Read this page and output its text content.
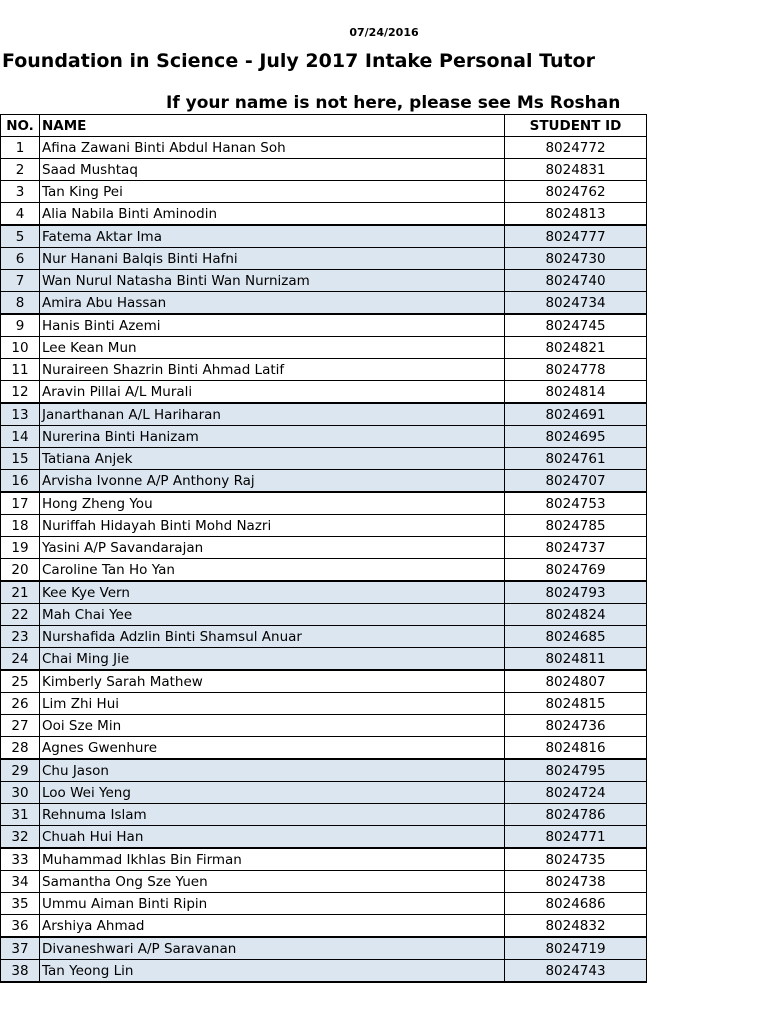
07/24/2016
Foundation in Science - July 2017 Intake Personal Tutor
If your name is not here, please see Ms Roshan
NO.	NAME	STUDENT ID
1	Afina Zawani Binti Abdul Hanan Soh	8024772
2	Saad Mushtaq	8024831
3	Tan King Pei	8024762
4	Alia Nabila Binti Aminodin	8024813
5	Fatema Aktar Ima	8024777
6	Nur Hanani Balqis Binti Hafni	8024730
7	Wan Nurul Natasha Binti Wan Nurnizam	8024740
8	Amira Abu Hassan	8024734
9	Hanis Binti Azemi	8024745
10	Lee Kean Mun	8024821
11	Nuraireen Shazrin Binti Ahmad Latif	8024778
12	Aravin Pillai A/L Murali	8024814
13	Janarthanan A/L Hariharan	8024691
14	Nurerina Binti Hanizam	8024695
15	Tatiana Anjek	8024761
16	Arvisha Ivonne A/P Anthony Raj	8024707
17	Hong Zheng You	8024753
18	Nuriffah Hidayah Binti Mohd Nazri	8024785
19	Yasini A/P Savandarajan	8024737
20	Caroline Tan Ho Yan	8024769
21	Kee Kye Vern	8024793
22	Mah Chai Yee	8024824
23	Nurshafida Adzlin Binti Shamsul Anuar	8024685
24	Chai Ming Jie	8024811
25	Kimberly Sarah Mathew	8024807
26	Lim Zhi Hui	8024815
27	Ooi Sze Min	8024736
28	Agnes Gwenhure	8024816
29	Chu Jason	8024795
30	Loo Wei Yeng	8024724
31	Rehnuma Islam	8024786
32	Chuah Hui Han	8024771
33	Muhammad Ikhlas Bin Firman	8024735
34	Samantha Ong Sze Yuen	8024738
35	Ummu Aiman Binti Ripin	8024686
36	Arshiya Ahmad	8024832
37	Divaneshwari A/P Saravanan	8024719
38	Tan Yeong Lin	8024743
